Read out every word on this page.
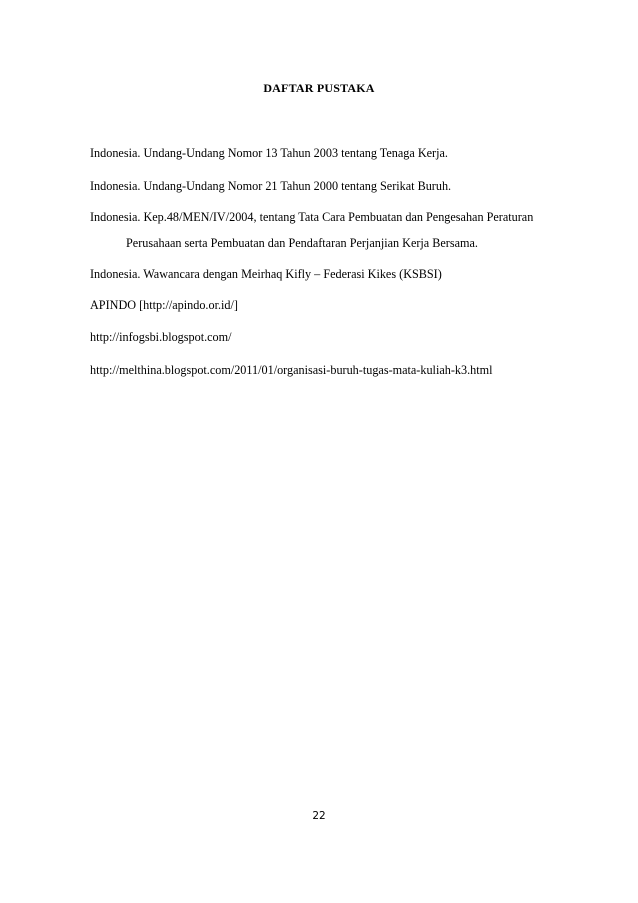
DAFTAR PUSTAKA
Indonesia. Undang-Undang Nomor 13 Tahun 2003 tentang Tenaga Kerja.
Indonesia. Undang-Undang Nomor 21 Tahun 2000 tentang Serikat Buruh.
Indonesia. Kep.48/MEN/IV/2004, tentang Tata Cara Pembuatan dan Pengesahan Peraturan
Perusahaan serta Pembuatan dan Pendaftaran Perjanjian Kerja Bersama.
Indonesia. Wawancara dengan Meirhaq Kifly – Federasi Kikes (KSBSI)
APINDO [http://apindo.or.id/]
http://infogsbi.blogspot.com/
http://melthina.blogspot.com/2011/01/organisasi-buruh-tugas-mata-kuliah-k3.html
22
